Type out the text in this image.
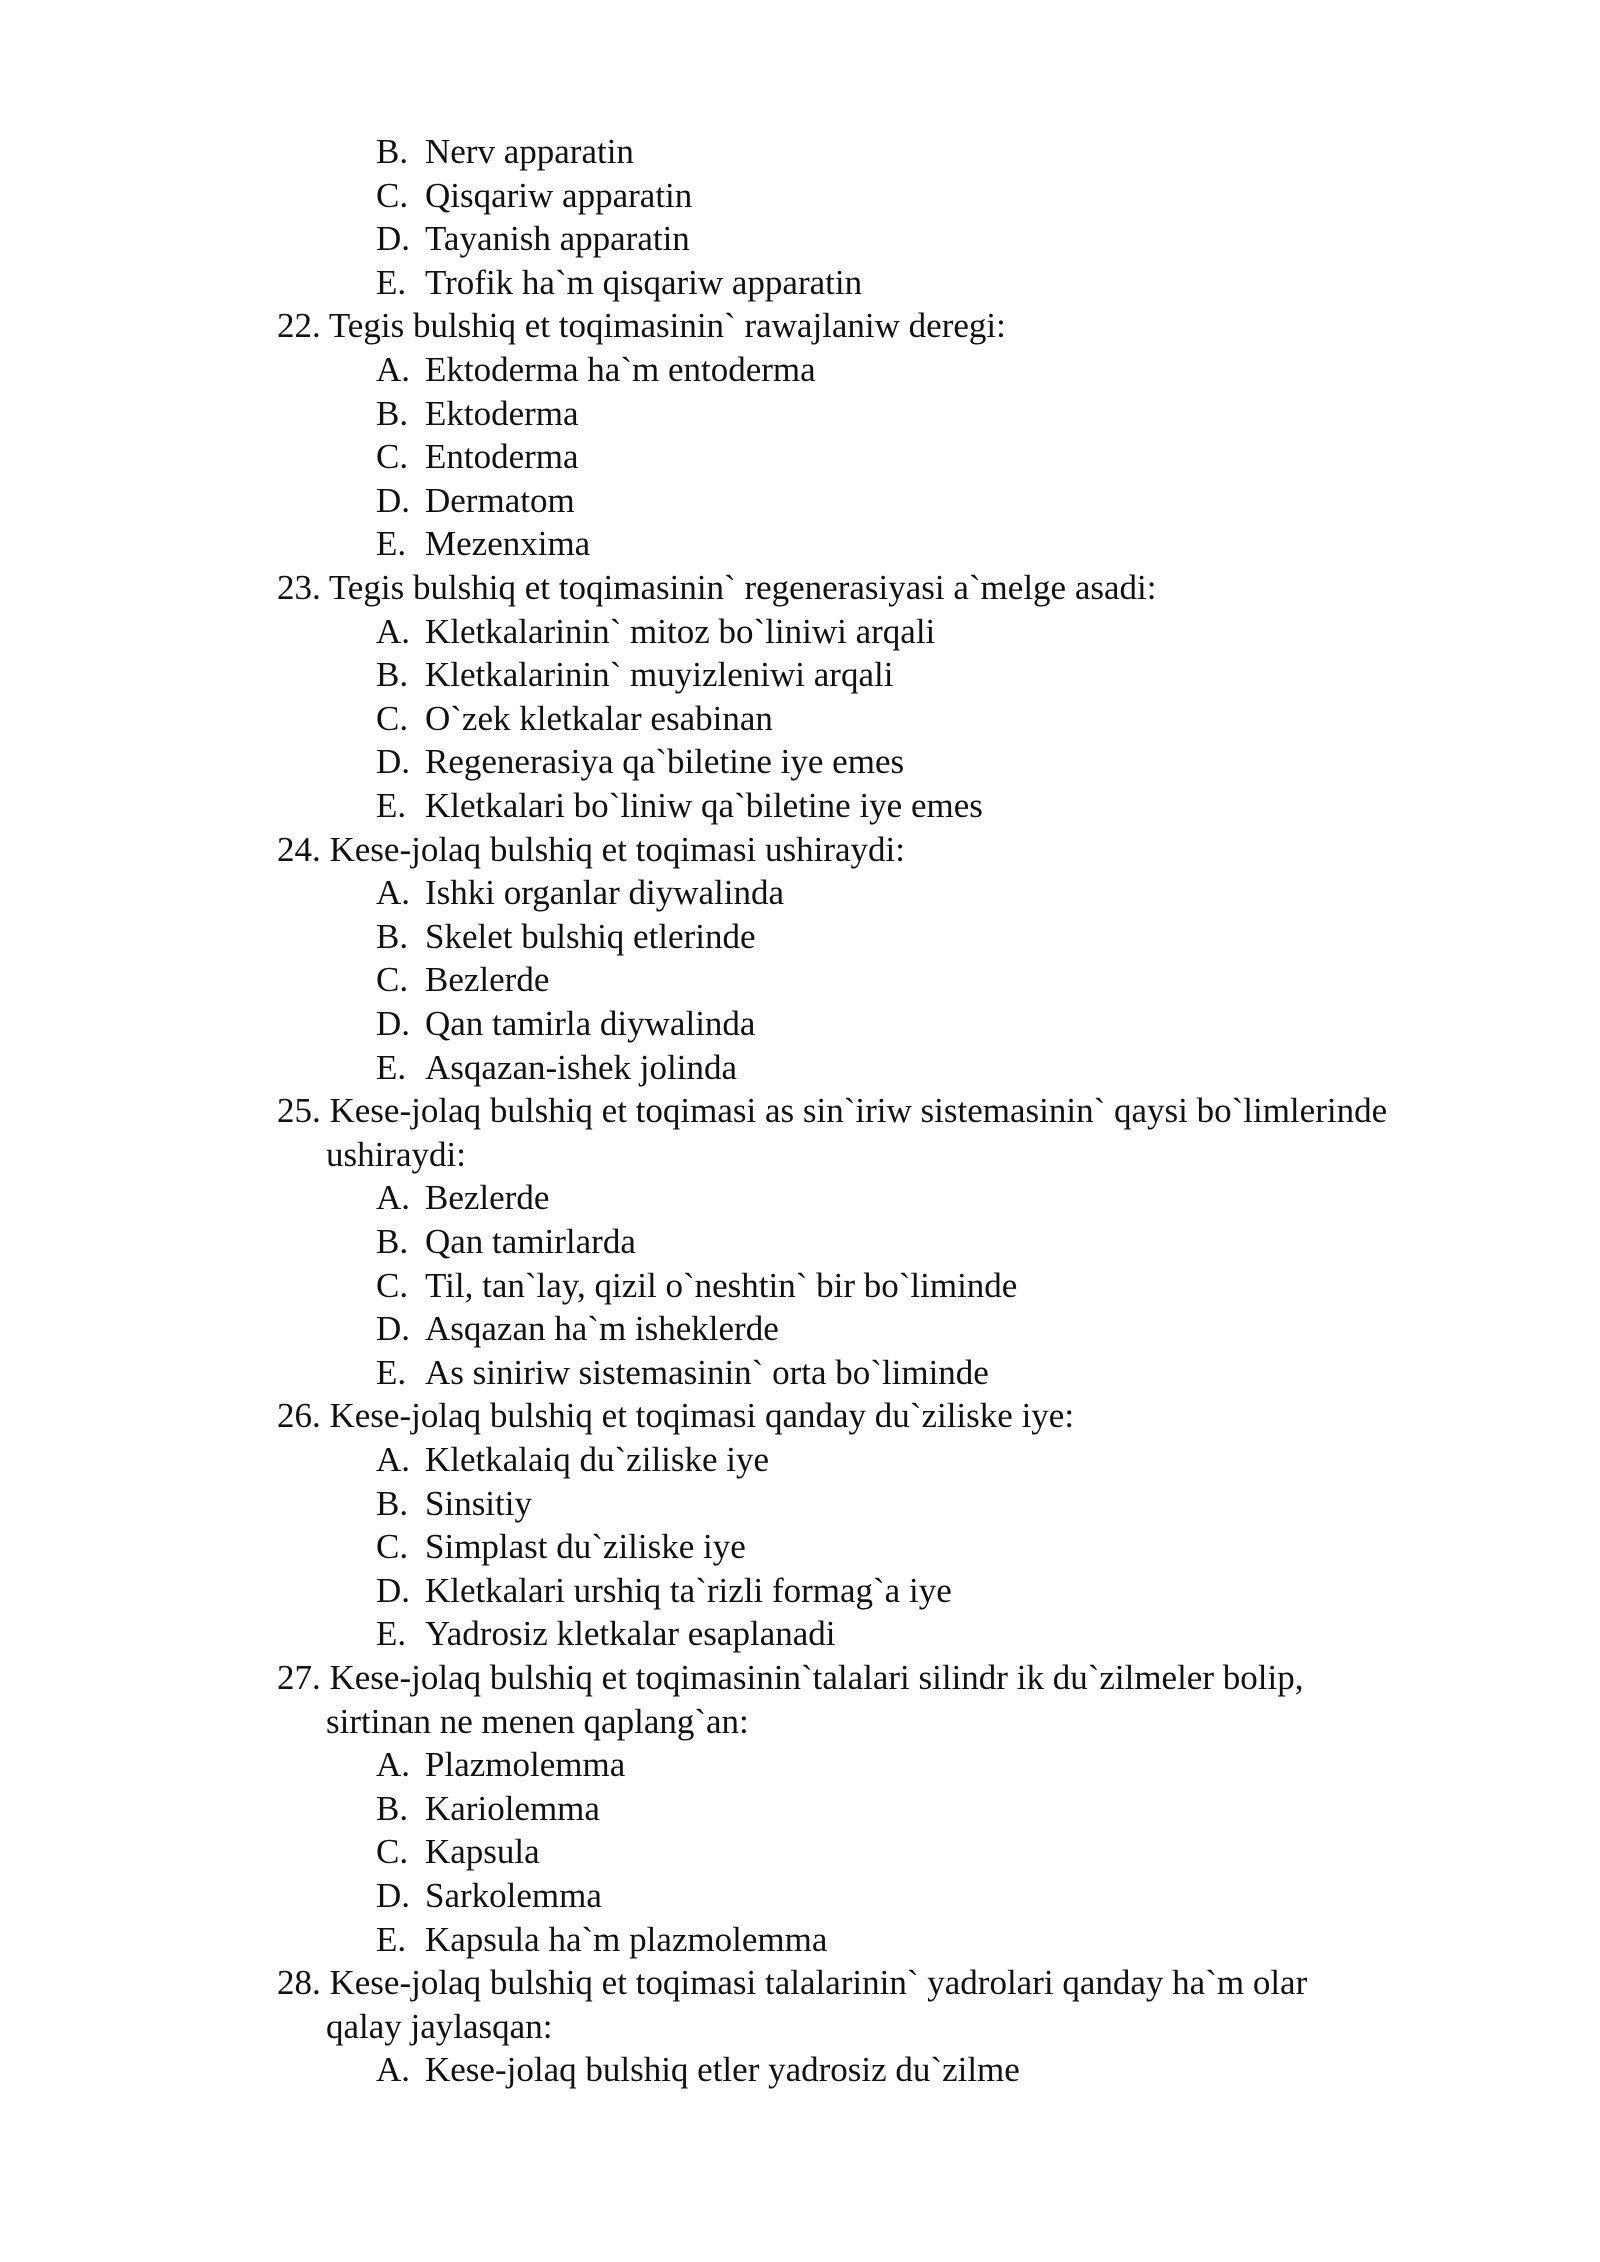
B. Nerv apparatin
C. Qisqariw apparatin
D. Tayanish apparatin
E. Trofik ha`m qisqariw apparatin
22. Tegis bulshiq et toqimasinin` rawajlaniw deregi:
A. Ektoderma ha`m entoderma
B. Ektoderma
C. Entoderma
D. Dermatom
E. Mezenxima
23. Tegis bulshiq et toqimasinin` regenerasiyasi a`melge asadi:
A. Kletkalarinin` mitoz bo`liniwi arqali
B. Kletkalarinin` muyizleniwi arqali
C. O`zek kletkalar esabinan
D. Regenerasiya qa`biletine iye emes
E. Kletkalari bo`liniw qa`biletine iye emes
24. Kese-jolaq bulshiq et toqimasi ushiraydi:
A. Ishki organlar diywalinda
B. Skelet bulshiq etlerinde
C. Bezlerde
D. Qan tamirla diywalinda
E. Asqazan-ishek jolinda
25. Kese-jolaq bulshiq et toqimasi as sin`iriw sistemasinin` qaysi bo`limlerinde
ushiraydi:
A. Bezlerde
B. Qan tamirlarda
C. Til, tan`lay, qizil o`neshtin` bir bo`liminde
D. Asqazan ha`m isheklerde
E. As siniriw sistemasinin` orta bo`liminde
26. Kese-jolaq bulshiq et toqimasi qanday du`ziliske iye:
A. Kletkalaiq du`ziliske iye
B. Sinsitiy
C. Simplast du`ziliske iye
D. Kletkalari urshiq ta`rizli formag`a iye
E. Yadrosiz kletkalar esaplanadi
27. Kese-jolaq bulshiq et toqimasinin`talalari silindr ik du`zilmeler bolip,
sirtinan ne menen qaplang`an:
A. Plazmolemma
B. Kariolemma
C. Kapsula
D. Sarkolemma
E. Kapsula ha`m plazmolemma
28. Kese-jolaq bulshiq et toqimasi talalarinin` yadrolari qanday ha`m olar
qalay jaylasqan:
A. Kese-jolaq bulshiq etler yadrosiz du`zilme
